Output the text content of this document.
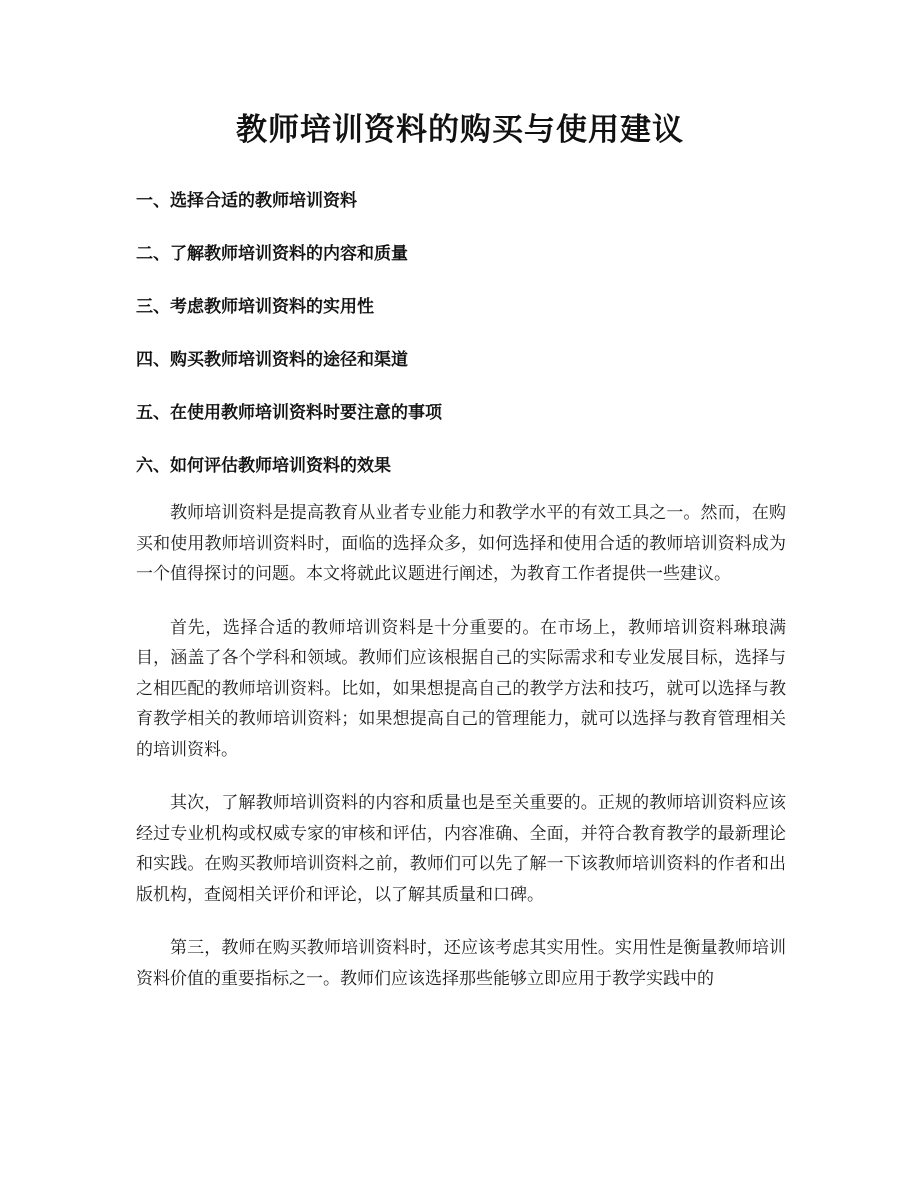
教师培训资料的购买与使用建议
一、选择合适的教师培训资料
二、了解教师培训资料的内容和质量
三、考虑教师培训资料的实用性
四、购买教师培训资料的途径和渠道
五、在使用教师培训资料时要注意的事项
六、如何评估教师培训资料的效果

教师培训资料是提高教育从业者专业能力和教学水平的有效工具之一。然而，在购买和使用教师培训资料时，面临的选择众多，如何选择和使用合适的教师培训资料成为一个值得探讨的问题。本文将就此议题进行阐述，为教育工作者提供一些建议。

首先，选择合适的教师培训资料是十分重要的。在市场上，教师培训资料琳琅满目，涵盖了各个学科和领域。教师们应该根据自己的实际需求和专业发展目标，选择与之相匹配的教师培训资料。比如，如果想提高自己的教学方法和技巧，就可以选择与教育教学相关的教师培训资料；如果想提高自己的管理能力，就可以选择与教育管理相关的培训资料。

其次，了解教师培训资料的内容和质量也是至关重要的。正规的教师培训资料应该经过专业机构或权威专家的审核和评估，内容准确、全面，并符合教育教学的最新理论和实践。在购买教师培训资料之前，教师们可以先了解一下该教师培训资料的作者和出版机构，查阅相关评价和评论，以了解其质量和口碑。

第三，教师在购买教师培训资料时，还应该考虑其实用性。实用性是衡量教师培训资料价值的重要指标之一。教师们应该选择那些能够立即应用于教学实践中的
